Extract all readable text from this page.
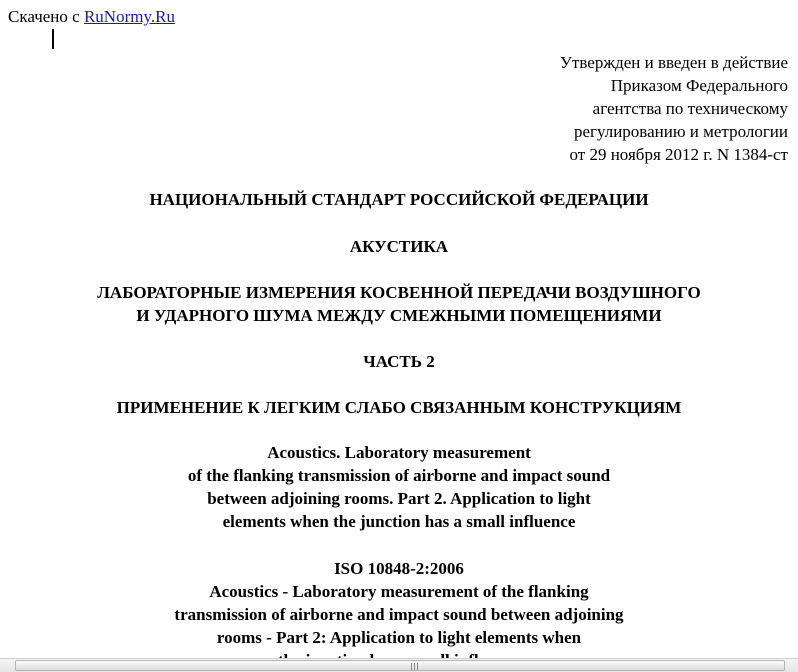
Скачено с RuNormy.Ru
Утвержден и введен в действие
Приказом Федерального
агентства по техническому
регулированию и метрологии
от 29 ноября 2012 г. N 1384-ст
НАЦИОНАЛЬНЫЙ СТАНДАРТ РОССИЙСКОЙ ФЕДЕРАЦИИ
АКУСТИКА
ЛАБОРАТОРНЫЕ ИЗМЕРЕНИЯ КОСВЕННОЙ ПЕРЕДАЧИ ВОЗДУШНОГО
И УДАРНОГО ШУМА МЕЖДУ СМЕЖНЫМИ ПОМЕЩЕНИЯМИ
ЧАСТЬ 2
ПРИМЕНЕНИЕ К ЛЕГКИМ СЛАБО СВЯЗАННЫМ КОНСТРУКЦИЯМ
Acoustics. Laboratory measurement
of the flanking transmission of airborne and impact sound
between adjoining rooms. Part 2. Application to light
elements when the junction has a small influence
ISO 10848-2:2006
Acoustics - Laboratory measurement of the flanking
transmission of airborne and impact sound between adjoining
rooms - Part 2: Application to light elements when
